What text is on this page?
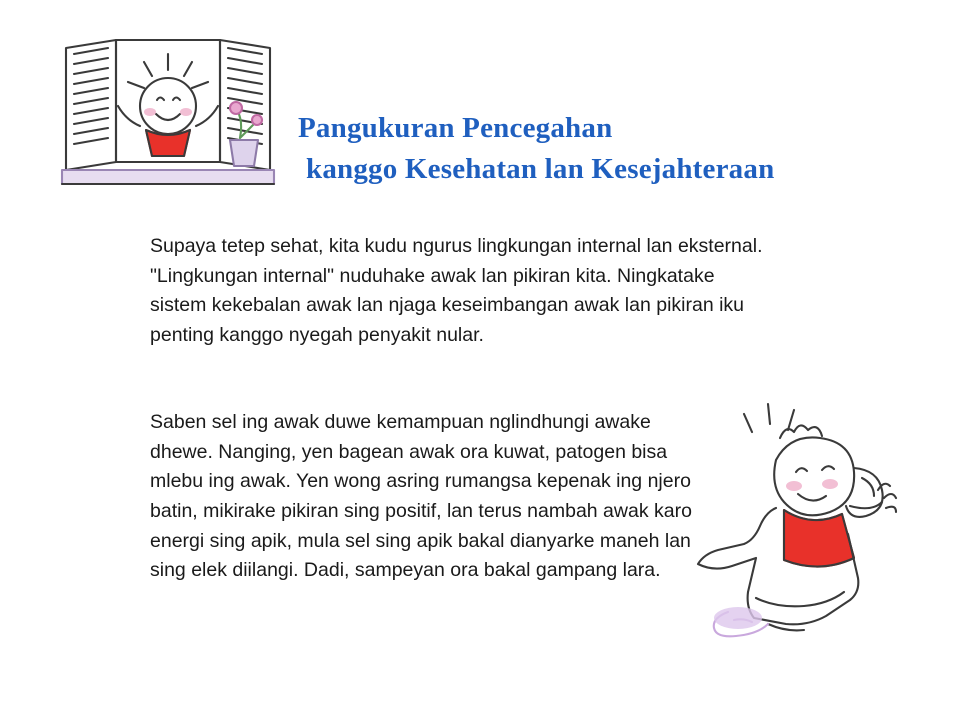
Pangukuran Pencegahan
kanggo Kesehatan lan Kesejahteraan
Supaya tetep sehat, kita kudu ngurus lingkungan internal lan eksternal. "Lingkungan internal" nuduhake awak lan pikiran kita. Ningkatake sistem kekebalan awak lan njaga keseimbangan awak lan pikiran iku penting kanggo nyegah penyakit nular.
Saben sel ing awak duwe kemampuan nglindhungi awake dhewe. Nanging, yen bagean awak ora kuwat, patogen bisa mlebu ing awak. Yen wong asring rumangsa kepenak ing njero batin, mikirake pikiran sing positif, lan terus nambah awak karo energi sing apik, mula sel sing apik bakal dianyarke maneh lan sing elek diilangi. Dadi, sampeyan ora bakal gampang lara.
